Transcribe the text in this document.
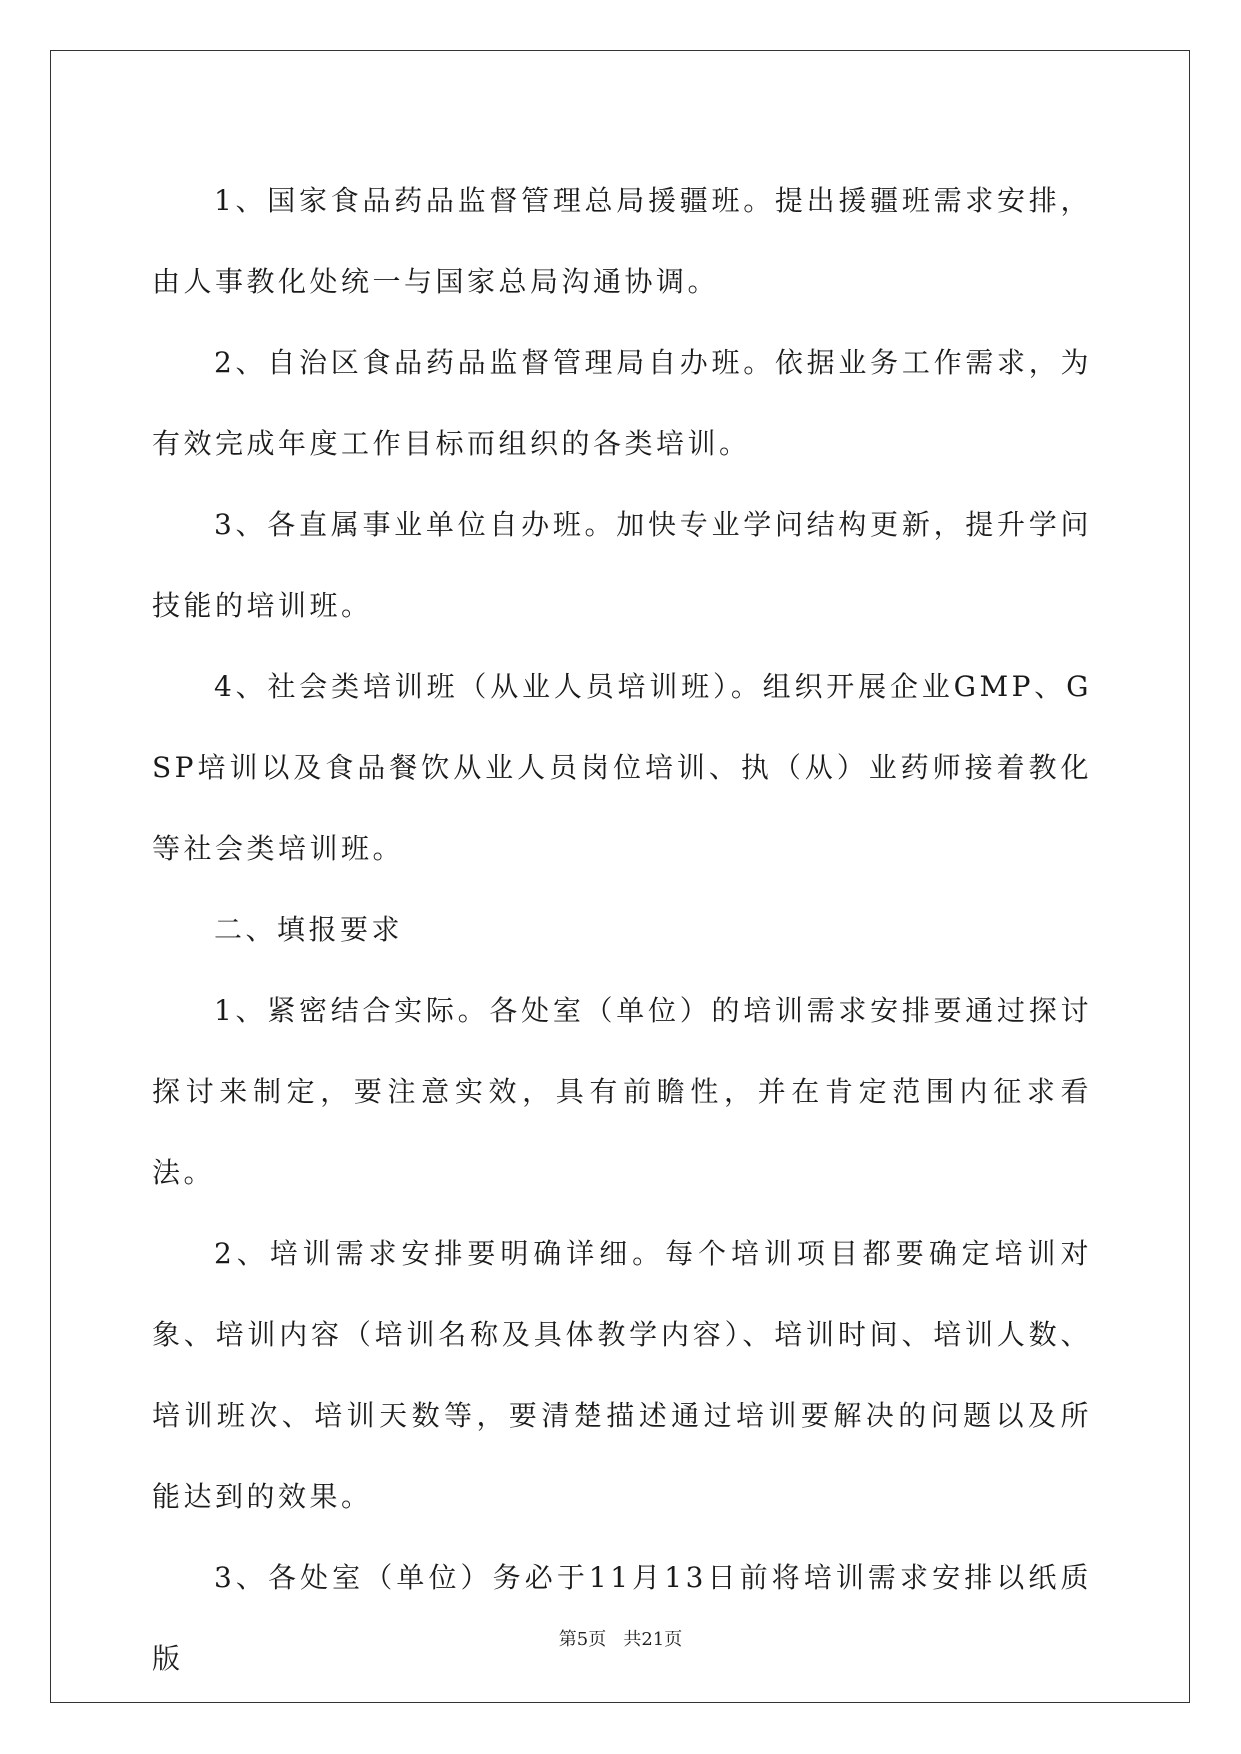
1、国家食品药品监督管理总局援疆班。提出援疆班需求安排，由人事教化处统一与国家总局沟通协调。

2、自治区食品药品监督管理局自办班。依据业务工作需求，为有效完成年度工作目标而组织的各类培训。

3、各直属事业单位自办班。加快专业学问结构更新，提升学问技能的培训班。

4、社会类培训班（从业人员培训班）。组织开展企业GMP、GSP培训以及食品餐饮从业人员岗位培训、执（从）业药师接着教化等社会类培训班。

二、填报要求

1、紧密结合实际。各处室（单位）的培训需求安排要通过探讨探讨来制定，要注意实效，具有前瞻性，并在肯定范围内征求看法。

2、培训需求安排要明确详细。每个培训项目都要确定培训对象、培训内容（培训名称及具体教学内容）、培训时间、培训人数、培训班次、培训天数等，要清楚描述通过培训要解决的问题以及所能达到的效果。

3、各处室（单位）务必于11月13日前将培训需求安排以纸质版

第5页   共21页
